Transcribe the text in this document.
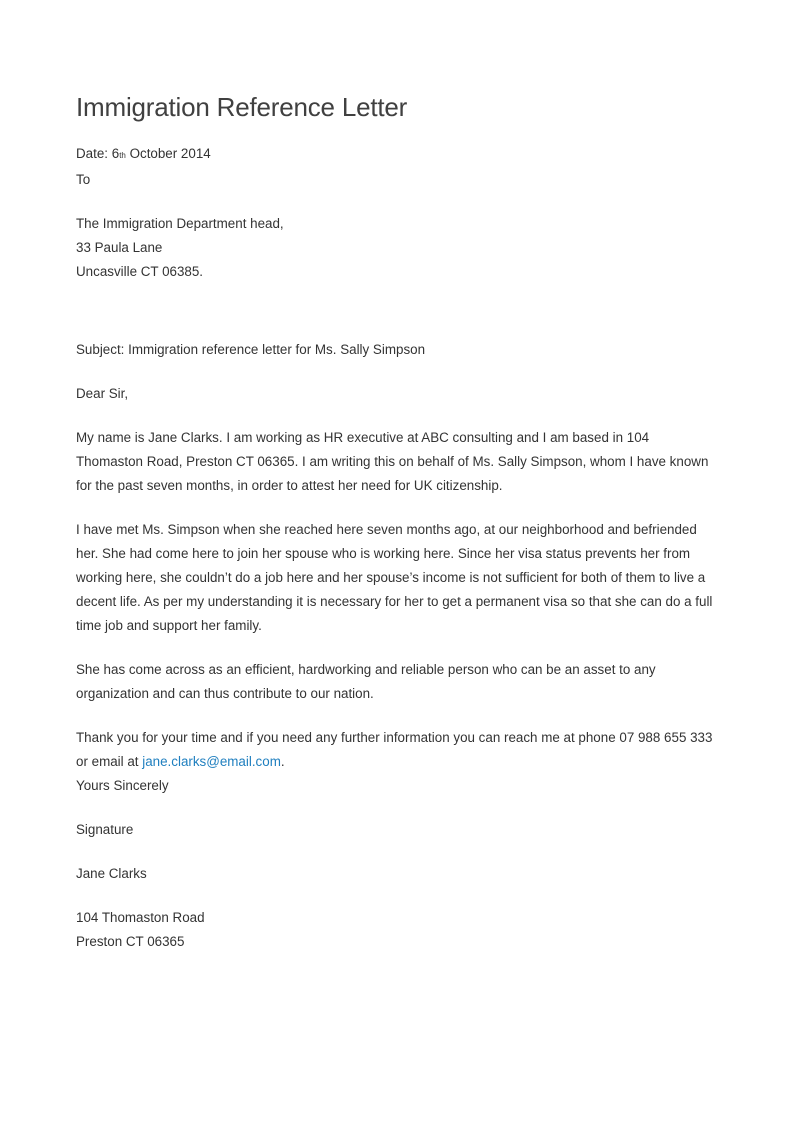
Immigration Reference Letter

Date: 6th October 2014

To

The Immigration Department head,

33 Paula Lane

Uncasville CT 06385.

Subject: Immigration reference letter for Ms. Sally Simpson

Dear Sir,

My name is Jane Clarks. I am working as HR executive at ABC consulting and I am based in 104 Thomaston Road, Preston CT 06365. I am writing this on behalf of Ms. Sally Simpson, whom I have known for the past seven months, in order to attest her need for UK citizenship.

I have met Ms. Simpson when she reached here seven months ago, at our neighborhood and befriended her. She had come here to join her spouse who is working here. Since her visa status prevents her from working here, she couldn’t do a job here and her spouse’s income is not sufficient for both of them to live a decent life. As per my understanding it is necessary for her to get a permanent visa so that she can do a full time job and support her family.

She has come across as an efficient, hardworking and reliable person who can be an asset to any organization and can thus contribute to our nation.

Thank you for your time and if you need any further information you can reach me at phone 07 988 655 333 or email at jane.clarks@email.com.

Yours Sincerely

Signature

Jane Clarks

104 Thomaston Road

Preston CT 06365
